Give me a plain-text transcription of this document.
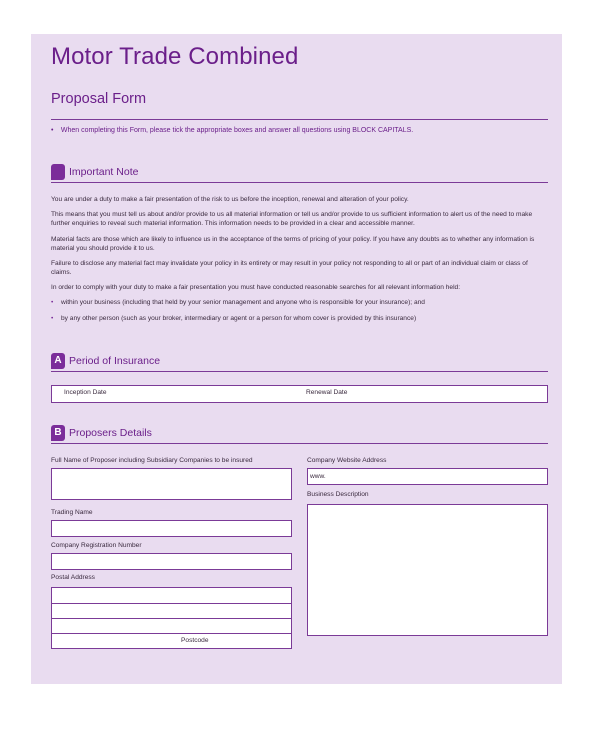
Motor Trade Combined
Proposal Form
• When completing this Form, please tick the appropriate boxes and answer all questions using BLOCK CAPITALS.
Important Note
You are under a duty to make a fair presentation of the risk to us before the inception, renewal and alteration of your policy.
This means that you must tell us about and/or provide to us all material information or tell us and/or provide to us sufficient information to alert us of the need to make further enquiries to reveal such material information. This information needs to be provided in a clear and accessible manner.
Material facts are those which are likely to influence us in the acceptance of the terms of pricing of your policy. If you have any doubts as to whether any information is material you should provide it to us.
Failure to disclose any material fact may invalidate your policy in its entirety or may result in your policy not responding to all or part of an individual claim or class of claims.
In order to comply with your duty to make a fair presentation you must have conducted reasonable searches for all relevant information held:
• within your business (including that held by your senior management and anyone who is responsible for your insurance); and
• by any other person (such as your broker, intermediary or agent or a person for whom cover is provided by this insurance)
A Period of Insurance
Inception Date	Renewal Date
B Proposers Details
Full Name of Proposer including Subsidiary Companies to be insured	Company Website Address
www.
Business Description
Trading Name
Company Registration Number
Postal Address
Postcode
